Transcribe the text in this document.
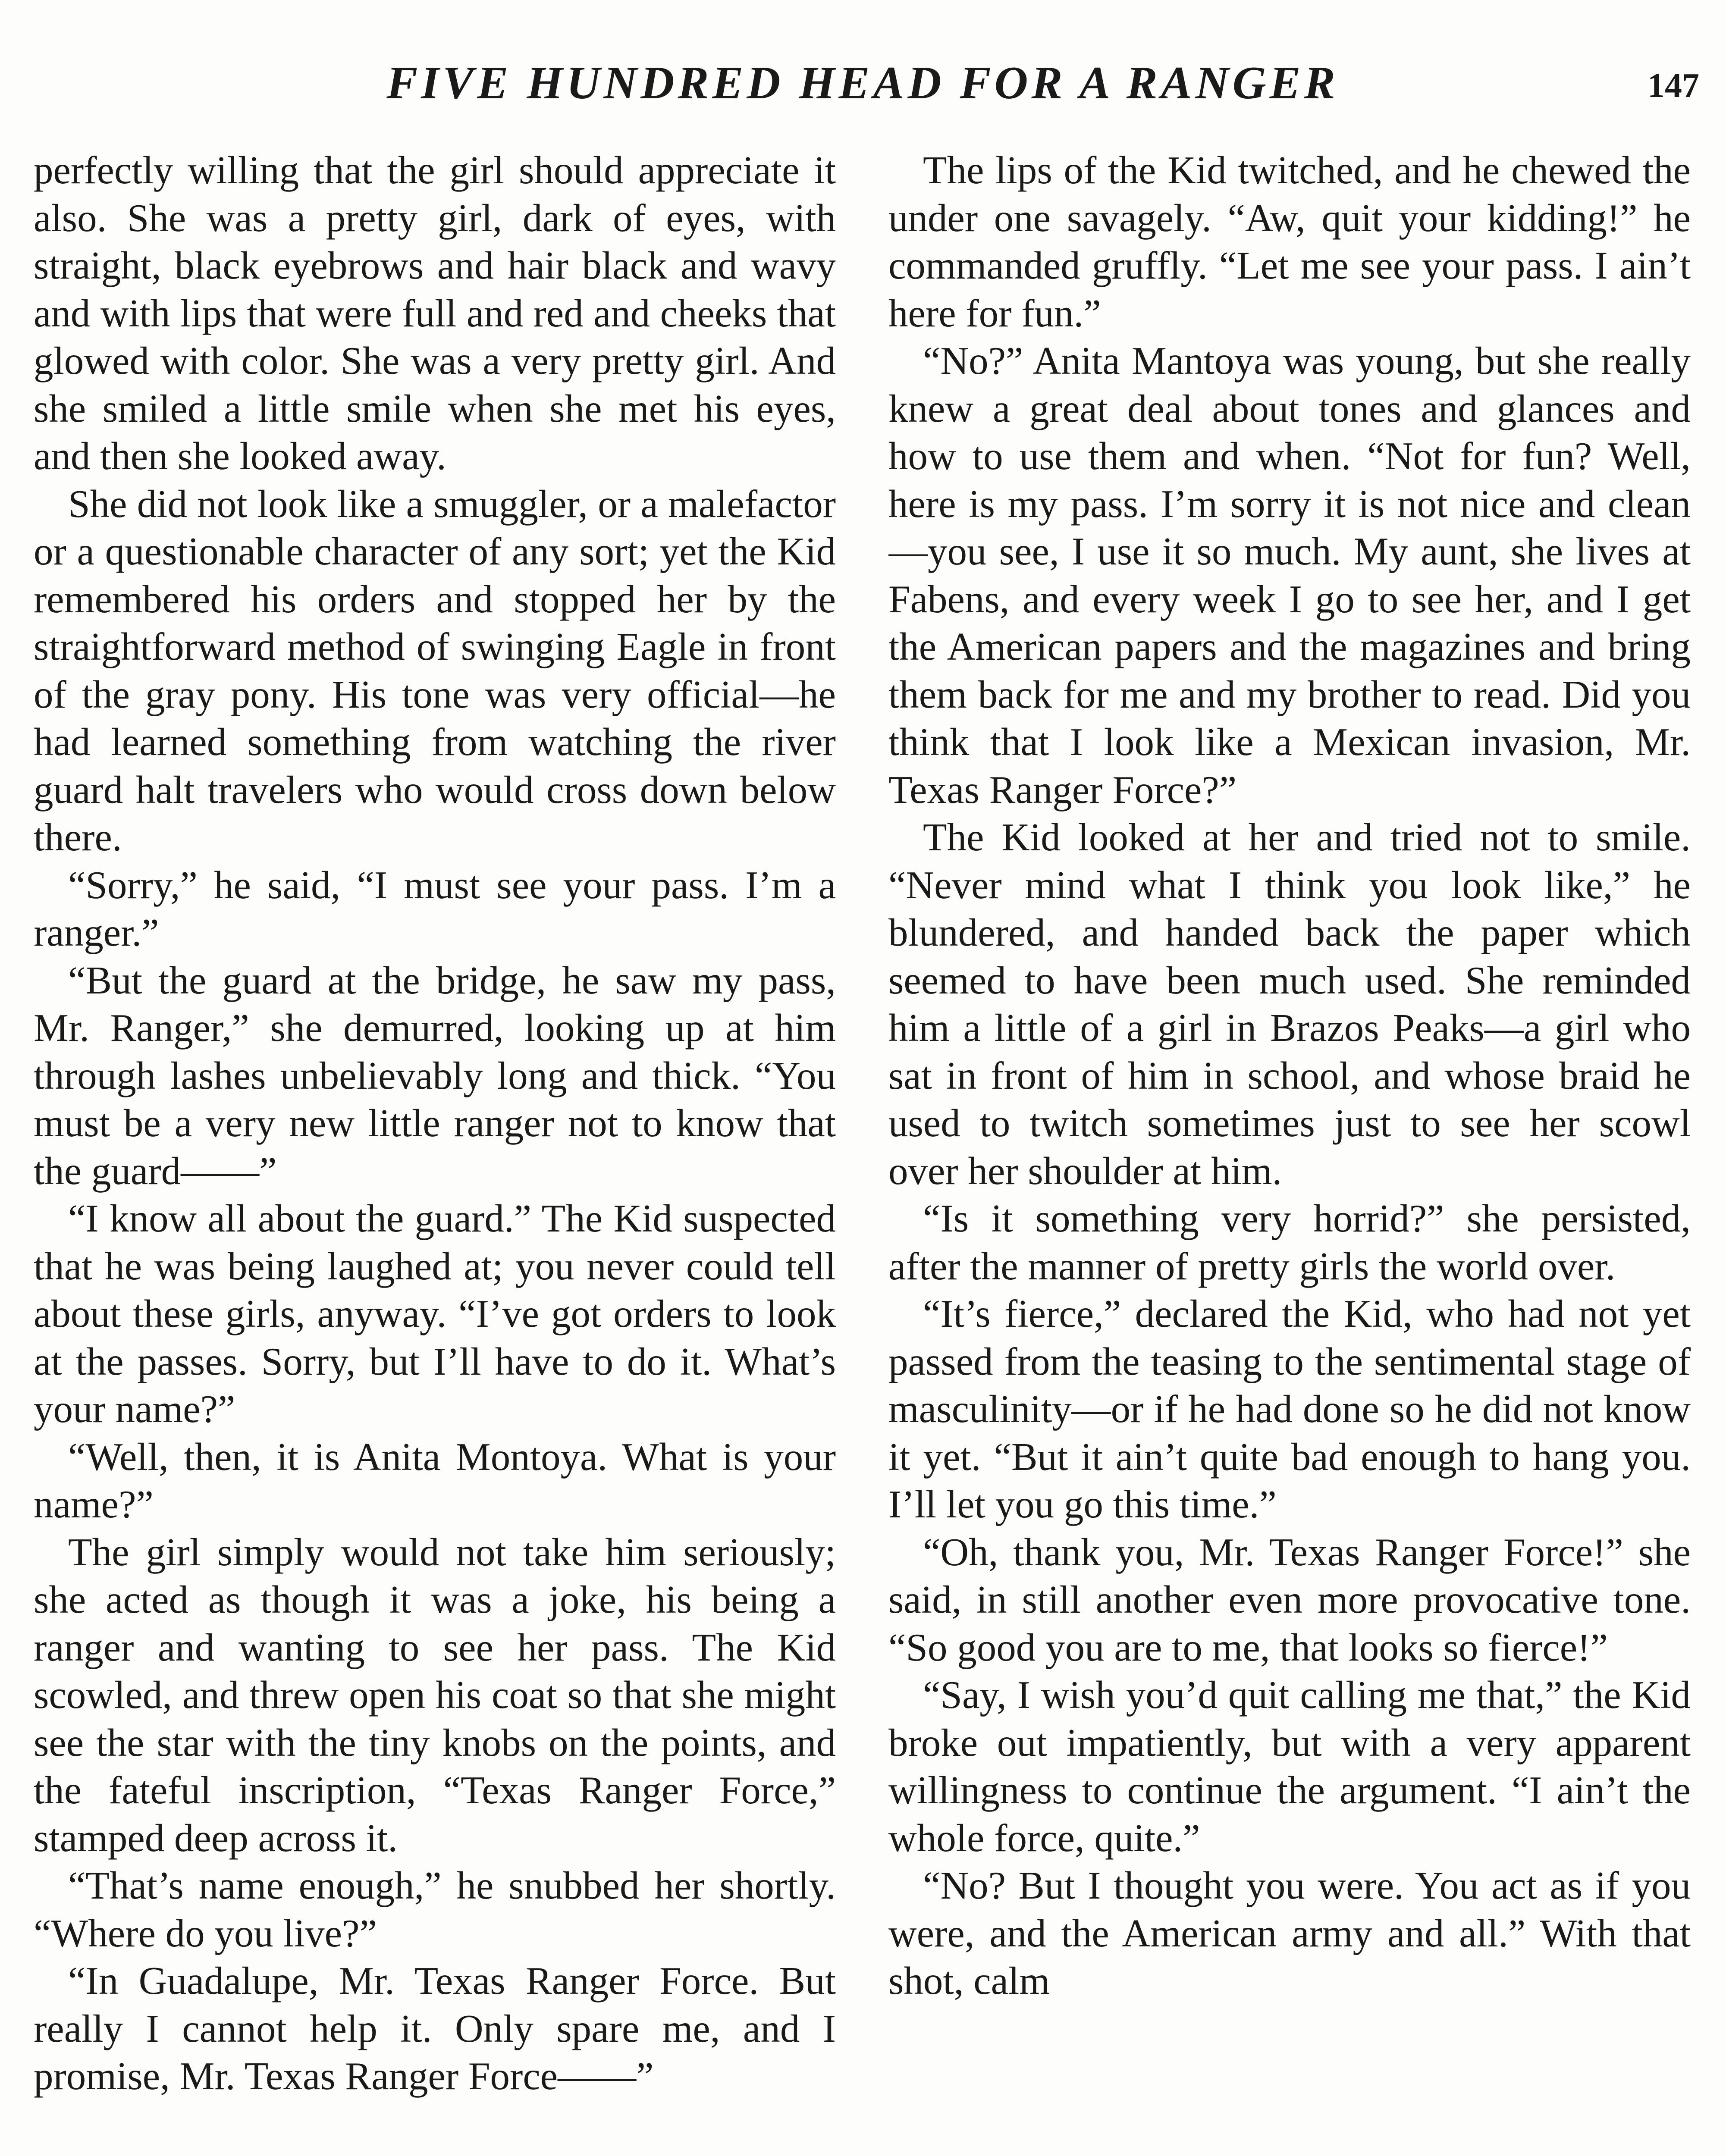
FIVE HUNDRED HEAD FOR A RANGER	147

perfectly willing that the girl should appreciate it also. She was a pretty girl, dark of eyes, with straight, black eyebrows and hair black and wavy and with lips that were full and red and cheeks that glowed with color. She was a very pretty girl. And she smiled a little smile when she met his eyes, and then she looked away.

She did not look like a smuggler, or a malefactor or a questionable character of any sort; yet the Kid remembered his orders and stopped her by the straightforward method of swinging Eagle in front of the gray pony. His tone was very official—he had learned something from watching the river guard halt travelers who would cross down below there.

“Sorry,” he said, “I must see your pass. I’m a ranger.”

“But the guard at the bridge, he saw my pass, Mr. Ranger,” she demurred, looking up at him through lashes unbelievably long and thick. “You must be a very new little ranger not to know that the guard——”

“I know all about the guard.” The Kid suspected that he was being laughed at; you never could tell about these girls, anyway. “I’ve got orders to look at the passes. Sorry, but I’ll have to do it. What’s your name?”

“Well, then, it is Anita Montoya. What is your name?”

The girl simply would not take him seriously; she acted as though it was a joke, his being a ranger and wanting to see her pass. The Kid scowled, and threw open his coat so that she might see the star with the tiny knobs on the points, and the fateful inscription, “Texas Ranger Force,” stamped deep across it.

“That’s name enough,” he snubbed her shortly. “Where do you live?”

“In Guadalupe, Mr. Texas Ranger Force. But really I cannot help it. Only spare me, and I promise, Mr. Texas Ranger Force——”

The lips of the Kid twitched, and he chewed the under one savagely. “Aw, quit your kidding!” he commanded gruffly. “Let me see your pass. I ain’t here for fun.”

“No?” Anita Mantoya was young, but she really knew a great deal about tones and glances and how to use them and when. “Not for fun? Well, here is my pass. I’m sorry it is not nice and clean—you see, I use it so much. My aunt, she lives at Fabens, and every week I go to see her, and I get the American papers and the magazines and bring them back for me and my brother to read. Did you think that I look like a Mexican invasion, Mr. Texas Ranger Force?”

The Kid looked at her and tried not to smile. “Never mind what I think you look like,” he blundered, and handed back the paper which seemed to have been much used. She reminded him a little of a girl in Brazos Peaks—a girl who sat in front of him in school, and whose braid he used to twitch sometimes just to see her scowl over her shoulder at him.

“Is it something very horrid?” she persisted, after the manner of pretty girls the world over.

“It’s fierce,” declared the Kid, who had not yet passed from the teasing to the sentimental stage of masculinity—or if he had done so he did not know it yet. “But it ain’t quite bad enough to hang you. I’ll let you go this time.”

“Oh, thank you, Mr. Texas Ranger Force!” she said, in still another even more provocative tone. “So good you are to me, that looks so fierce!”

“Say, I wish you’d quit calling me that,” the Kid broke out impatiently, but with a very apparent willingness to continue the argument. “I ain’t the whole force, quite.”

“No? But I thought you were. You act as if you were, and the American army and all.” With that shot, calm
